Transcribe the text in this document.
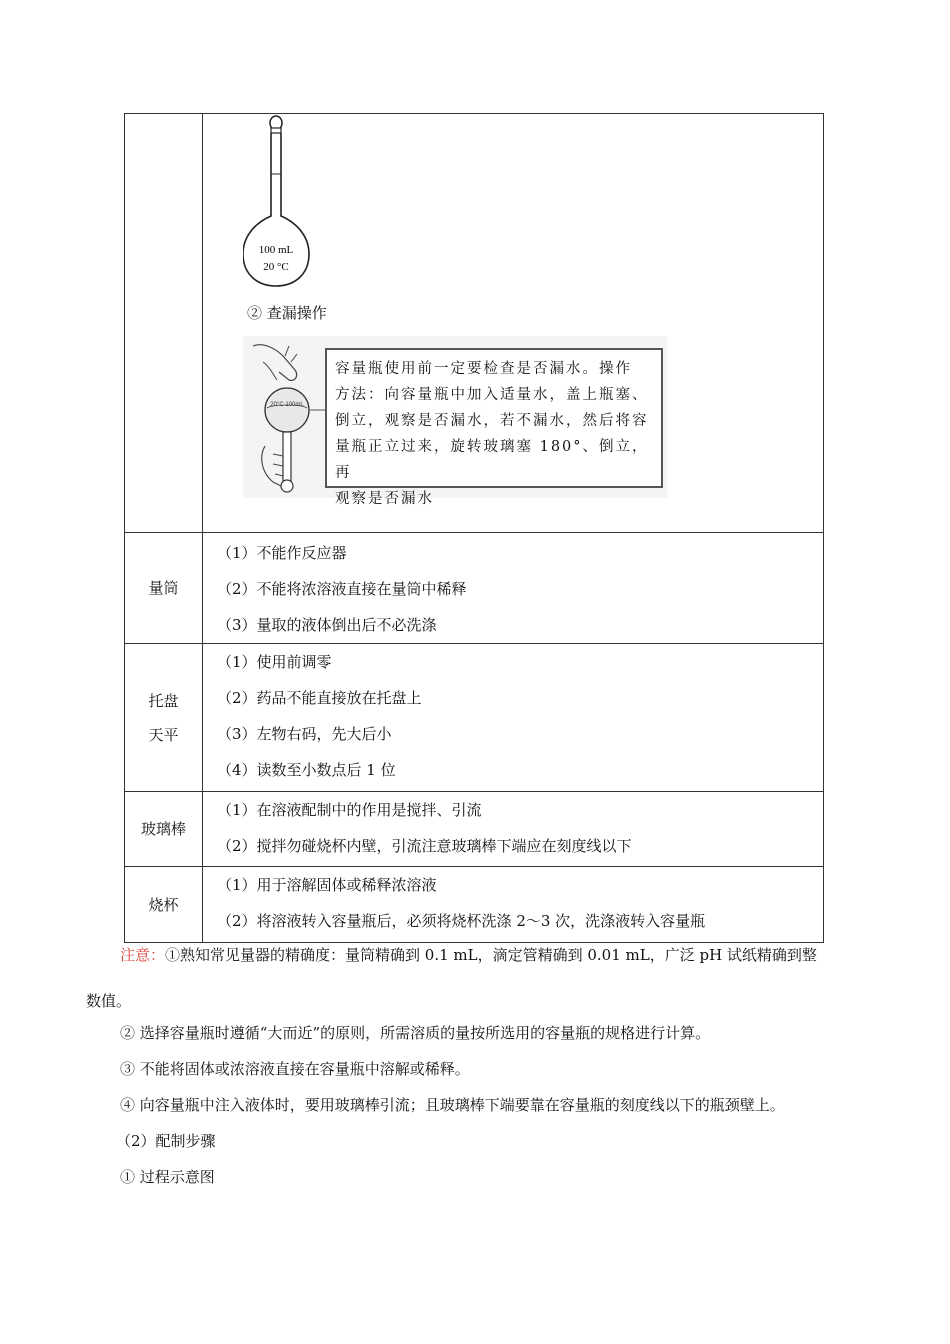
100 mL
20 °C
② 查漏操作
20°C 100mL
容量瓶使用前一定要检查是否漏水。操作
方法：向容量瓶中加入适量水，盖上瓶塞、
倒立，观察是否漏水，若不漏水，然后将容
量瓶正立过来，旋转玻璃塞 180°、倒立，再
观察是否漏水
量筒
（1）不能作反应器
（2）不能将浓溶液直接在量筒中稀释
（3）量取的液体倒出后不必洗涤
托盘
天平
（1）使用前调零
（2）药品不能直接放在托盘上
（3）左物右码，先大后小
（4）读数至小数点后 1 位
玻璃棒
（1）在溶液配制中的作用是搅拌、引流
（2）搅拌勿碰烧杯内壁，引流注意玻璃棒下端应在刻度线以下
烧杯
（1）用于溶解固体或稀释浓溶液
（2）将溶液转入容量瓶后，必须将烧杯洗涤 2～3 次，洗涤液转入容量瓶
注意：①熟知常见量器的精确度：量筒精确到 0.1 mL，滴定管精确到 0.01 mL，广泛 pH 试纸精确到整
数值。
② 选择容量瓶时遵循“大而近”的原则，所需溶质的量按所选用的容量瓶的规格进行计算。
③ 不能将固体或浓溶液直接在容量瓶中溶解或稀释。
④ 向容量瓶中注入液体时，要用玻璃棒引流；且玻璃棒下端要靠在容量瓶的刻度线以下的瓶颈壁上。
（2）配制步骤
① 过程示意图
